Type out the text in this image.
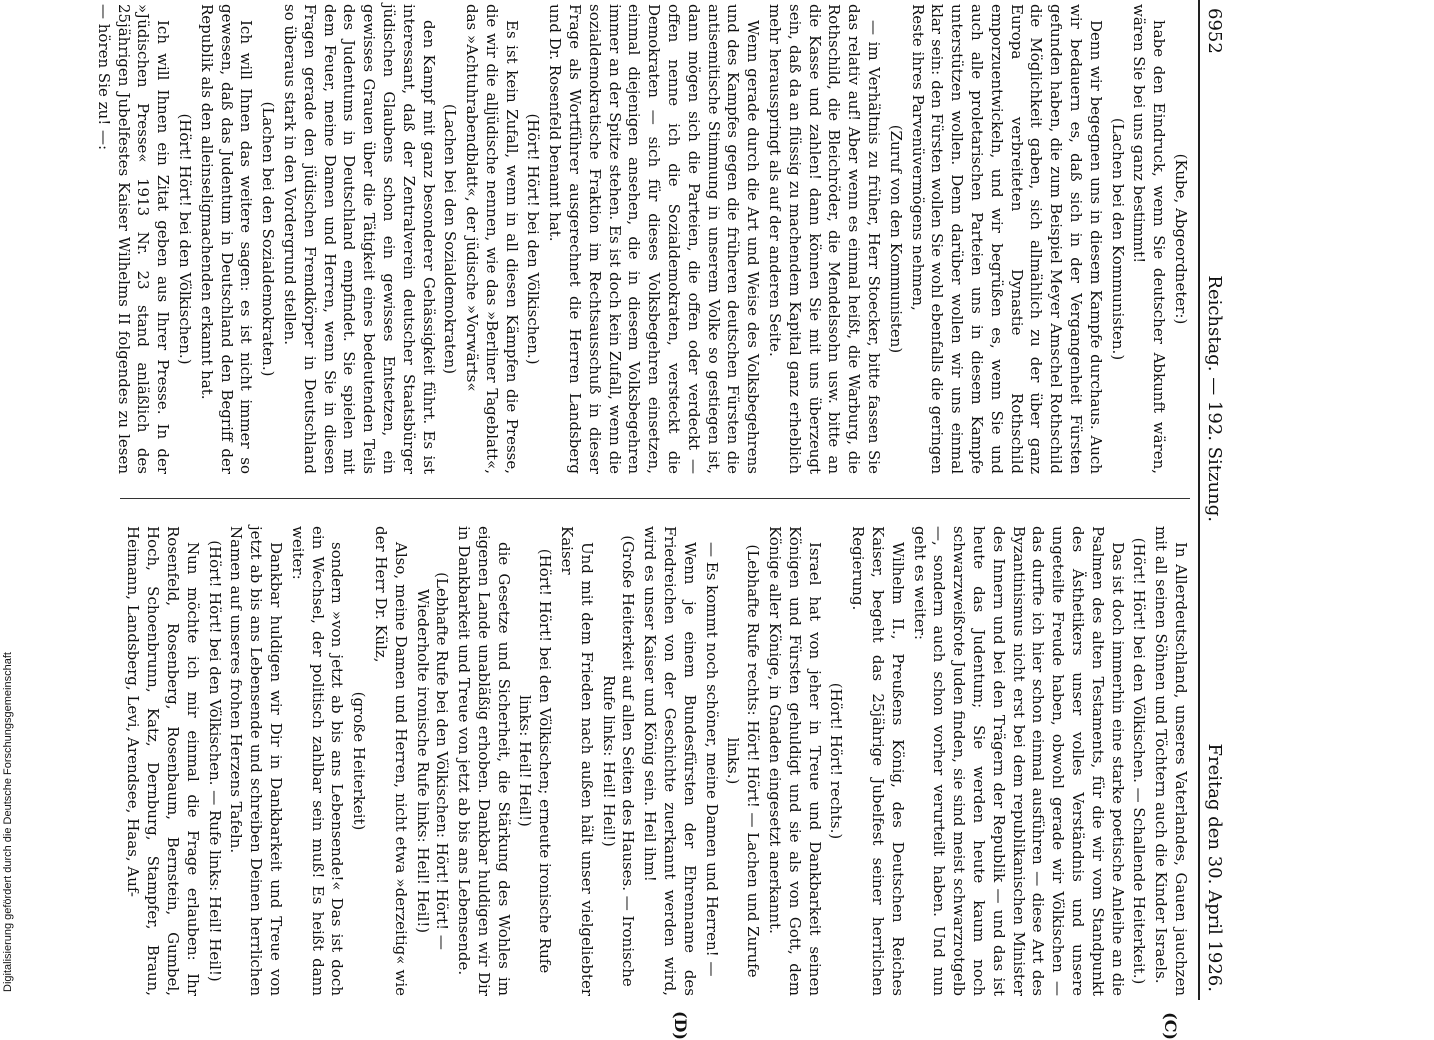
6952
Reichstag. — 192. Sitzung.
Freitag den 30. April 1926.

(Kube, Abgeordneter:)

habe den Eindruck, wenn Sie deutscher Abkunft wären, wären Sie bei uns ganz bestimmt!

(Lachen bei den Kommunisten.)

Denn wir begegnen uns in diesem Kampfe durchaus. Auch wir bedauern es, daß sich in der Vergangenheit Fürsten gefunden haben, die zum Beispiel Meyer Amschel Rothschild die Möglichkeit gaben, sich allmählich zu der über ganz Europa verbreiteten Dynastie Rothschild emporzuentwickeln, und wir begrüßen es, wenn Sie und auch alle proletarischen Parteien uns in diesem Kampfe unterstützen wollen. Denn darüber wollen wir uns einmal klar sein: den Fürsten wollen Sie wohl ebenfalls die geringen Reste ihres Parvenüvermögens nehmen,

(Zuruf von den Kommunisten)

— im Verhältnis zu früher, Herr Stoecker, bitte fassen Sie das relativ auf! Aber wenn es einmal heißt, die Warburg, die Rothschild, die Bleichröder, die Mendelssohn usw. bitte an die Kasse und zahlen! dann können Sie mit uns überzeugt sein, daß da an flüssig zu machendem Kapital ganz erheblich mehr herausspringt als auf der anderen Seite.

Wenn gerade durch die Art und Weise des Volksbegehrens und des Kampfes gegen die früheren deutschen Fürsten die antisemitische Stimmung in unserem Volke so gestiegen ist, dann mögen sich die Parteien, die offen oder verdeckt — offen nenne ich die Sozialdemokraten, versteckt die Demokraten — sich für dieses Volksbegehren einsetzen, einmal diejenigen ansehen, die in diesem Volksbegehren immer an der Spitze stehen. Es ist doch kein Zufall, wenn die sozialdemokratische Fraktion im Rechtsausschuß in dieser Frage als Wortführer ausgerechnet die Herren Landsberg und Dr. Rosenfeld benannt hat.

(Hört! Hört! bei den Völkischen.)

Es ist kein Zufall, wenn in all diesen Kämpfen die Presse, die wir die alljüdische nennen, wie das »Berliner Tageblatt«, das »Achtuhrabendblatt«, der jüdische »Vorwärts«

(Lachen bei den Sozialdemokraten)

den Kampf mit ganz besonderer Gehässigkeit führt. Es ist interessant, daß der Zentralverein deutscher Staatsbürger jüdischen Glaubens schon ein gewisses Entsetzen, ein gewisses Grauen über die Tätigkeit eines bedeutenden Teils des Judentums in Deutschland empfindet. Sie spielen mit dem Feuer, meine Damen und Herren, wenn Sie in diesen Fragen gerade den jüdischen Fremdkörper in Deutschland so überaus stark in den Vordergrund stellen.

(Lachen bei den Sozialdemokraten.)

Ich will Ihnen das weitere sagen: es ist nicht immer so gewesen, daß das Judentum in Deutschland den Begriff der Republik als den alleinseligmachenden erkannt hat.

(Hört! Hört! bei den Völkischen.)

Ich will Ihnen ein Zitat geben aus Ihrer Presse. In der »Jüdischen Presse« 1913 Nr. 23 stand anläßlich des 25jährigen Jubelfestes Kaiser Wilhelms II folgendes zu lesen — hören Sie zu! —:

In Allerdeutschland, unseres Vaterlandes, Gauen jauchzen mit all seinen Söhnen und Töchtern auch die Kinder Israels.

(Hört! Hört! bei den Völkischen. — Schallende Heiterkeit.)

Das ist doch immerhin eine starke poetische Anleihe an die Psalmen des alten Testaments, für die wir vom Standpunkt des Ästhetikers unser volles Verständnis und unsere ungeteilte Freude haben, obwohl gerade wir Völkischen — das durfte ich hier schon einmal ausführen — diese Art des Byzantinismus nicht erst bei dem republikanischen Minister des Innern und bei den Trägern der Republik — und das ist heute das Judentum; Sie werden heute kaum noch schwarzweißrote Juden finden, sie sind meist schwarzrotgelb —, sondern auch schon vorher verurteilt haben. Und nun geht es weiter:

Wilhelm II., Preußens König, des Deutschen Reiches Kaiser, begeht das 25jährige Jubelfest seiner herrlichen Regierung.

(Hört! Hört! rechts.)

Israel hat von jeher in Treue und Dankbarkeit seinen Königen und Fürsten gehuldigt und sie als von Gott, dem Könige aller Könige, in Gnaden eingesetzt anerkannt.

(Lebhafte Rufe rechts: Hört! Hört! — Lachen und Zurufe links.)

— Es kommt noch schöner, meine Damen und Herren! —

Wenn je einem Bundesfürsten der Ehrenname des Friedreichen von der Geschichte zuerkannt werden wird, wird es unser Kaiser und König sein. Heil ihm!

(Große Heiterkeit auf allen Seiten des Hauses. — Ironische Rufe links: Heil! Heil!)

Und mit dem Frieden nach außen hält unser vielgeliebter Kaiser

(Hört! Hört! bei den Völkischen; erneute ironische Rufe links: Heil! Heil!)

die Gesetze und Sicherheit, die Stärkung des Wohles im eigenen Lande unabläßig erhoben. Dankbar huldigen wir Dir in Dankbarkeit und Treue von jetzt ab bis ans Lebensende.

(Lebhafte Rufe bei den Völkischen: Hört! Hört! — Wiederholte ironische Rufe links: Heil! Heil!)

Also, meine Damen und Herren, nicht etwa »derzeitig« wie der Herr Dr. Külz,

(große Heiterkeit)

sondern »von jetzt ab bis ans Lebensende!« Das ist doch ein Wechsel, der politisch zahlbar sein muß! Es heißt dann weiter:

Dankbar huldigen wir Dir in Dankbarkeit und Treue von jetzt ab bis ans Lebensende und schreiben Deinen herrlichen Namen auf unseres frohen Herzens Tafeln.

(Hört! Hört! bei den Völkischen. — Rufe links: Heil! Heil!)

Nun möchte ich mir einmal die Frage erlauben: Ihr Rosenfeld, Rosenberg, Rosenbaum, Bernstein, Gumbel, Hoch, Schoenbrunn, Katz, Dernburg, Stampfer, Braun, Heimann, Landsberg, Levi, Arendsee, Haas, Auf-

(C)
(D)
Digitalisierung gefördert durch die Deutsche Forschungsgemeinschaft
